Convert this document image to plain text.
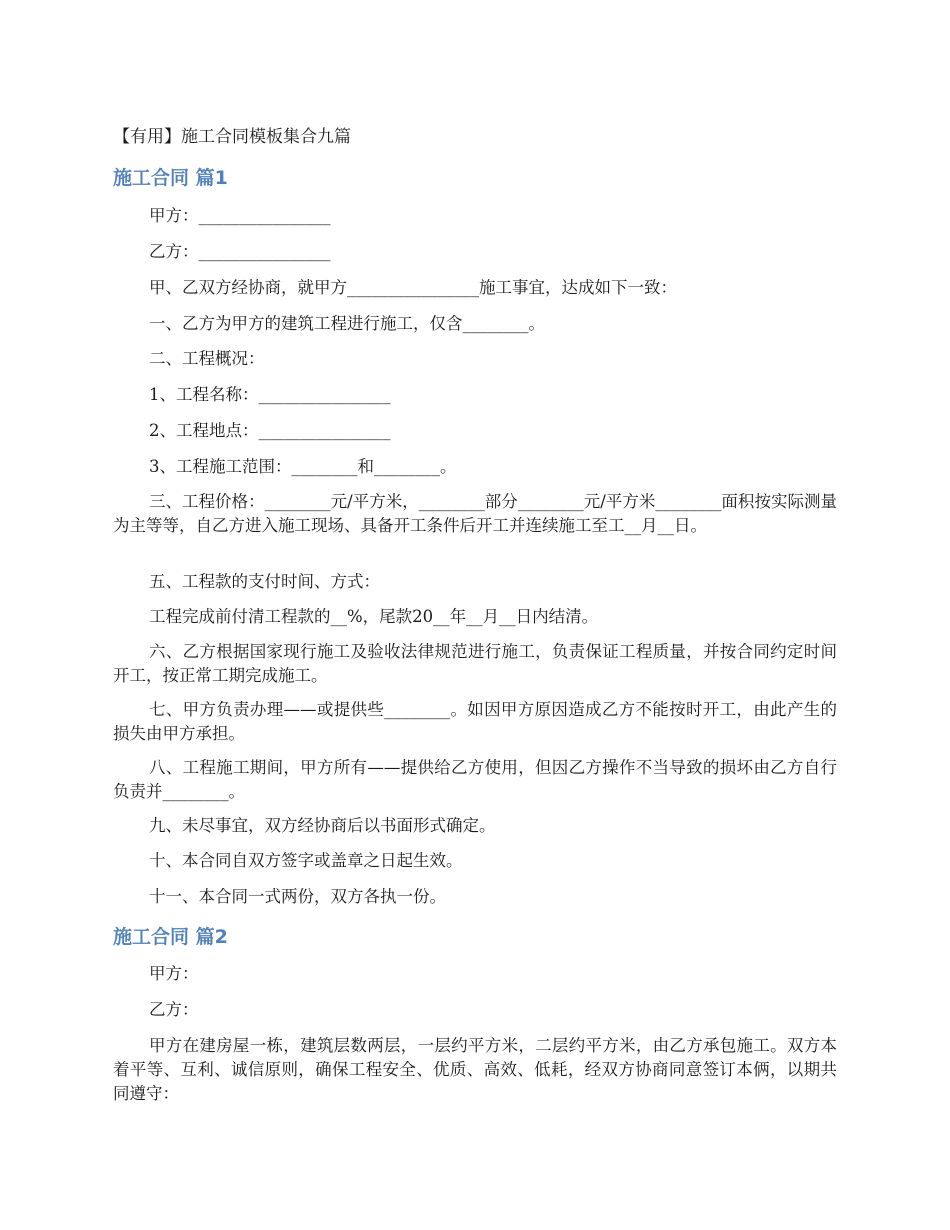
【有用】施工合同模板集合九篇
施工合同 篇1

甲方：________________

乙方：________________

甲、乙双方经协商，就甲方________________施工事宜，达成如下一致：

一、乙方为甲方的建筑工程进行施工，仅含________。

二、工程概况：

1、工程名称：________________

2、工程地点：________________

3、工程施工范围：________和________。

三、工程价格：________元/平方米，________部分________元/平方米________面积按实际测量为主等等，自乙方进入施工现场、具备开工条件后开工并连续施工至工__月__日。

五、工程款的支付时间、方式：

工程完成前付清工程款的__%，尾款20__年__月__日内结清。

六、乙方根据国家现行施工及验收法律规范进行施工，负责保证工程质量，并按合同约定时间开工，按正常工期完成施工。

七、甲方负责办理——或提供些________。如因甲方原因造成乙方不能按时开工，由此产生的损失由甲方承担。

八、工程施工期间，甲方所有——提供给乙方使用，但因乙方操作不当导致的损坏由乙方自行负责并________。

九、未尽事宜，双方经协商后以书面形式确定。

十、本合同自双方签字或盖章之日起生效。

十一、本合同一式两份，双方各执一份。

施工合同 篇2

甲方：

乙方：

甲方在建房屋一栋，建筑层数两层，一层约平方米，二层约平方米，由乙方承包施工。双方本着平等、互利、诚信原则，确保工程安全、优质、高效、低耗，经双方协商同意签订本俩，以期共同遵守：
